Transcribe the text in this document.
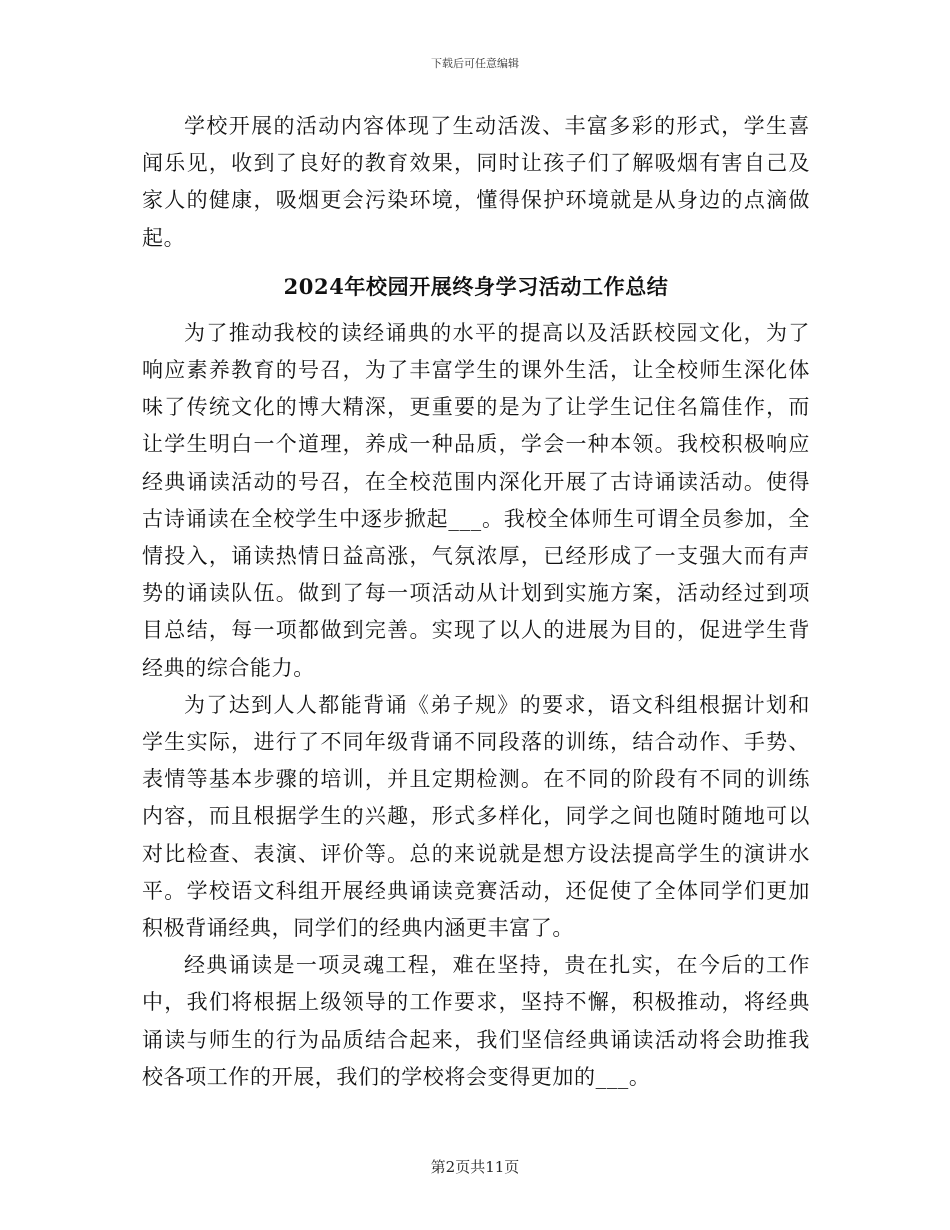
下载后可任意编辑

学校开展的活动内容体现了生动活泼、丰富多彩的形式，学生喜闻乐见，收到了良好的教育效果，同时让孩子们了解吸烟有害自己及家人的健康，吸烟更会污染环境，懂得保护环境就是从身边的点滴做起。

2024年校园开展终身学习活动工作总结

为了推动我校的读经诵典的水平的提高以及活跃校园文化，为了响应素养教育的号召，为了丰富学生的课外生活，让全校师生深化体味了传统文化的博大精深，更重要的是为了让学生记住名篇佳作，而让学生明白一个道理，养成一种品质，学会一种本领。我校积极响应经典诵读活动的号召，在全校范围内深化开展了古诗诵读活动。使得古诗诵读在全校学生中逐步掀起___。我校全体师生可谓全员参加，全情投入，诵读热情日益高涨，气氛浓厚，已经形成了一支强大而有声势的诵读队伍。做到了每一项活动从计划到实施方案，活动经过到项目总结，每一项都做到完善。实现了以人的进展为目的，促进学生背经典的综合能力。

为了达到人人都能背诵《弟子规》的要求，语文科组根据计划和学生实际，进行了不同年级背诵不同段落的训练，结合动作、手势、表情等基本步骤的培训，并且定期检测。在不同的阶段有不同的训练内容，而且根据学生的兴趣，形式多样化，同学之间也随时随地可以对比检查、表演、评价等。总的来说就是想方设法提高学生的演讲水平。学校语文科组开展经典诵读竞赛活动，还促使了全体同学们更加积极背诵经典，同学们的经典内涵更丰富了。

经典诵读是一项灵魂工程，难在坚持，贵在扎实，在今后的工作中，我们将根据上级领导的工作要求，坚持不懈，积极推动，将经典诵读与师生的行为品质结合起来，我们坚信经典诵读活动将会助推我校各项工作的开展，我们的学校将会变得更加的___。

第2页共11页
